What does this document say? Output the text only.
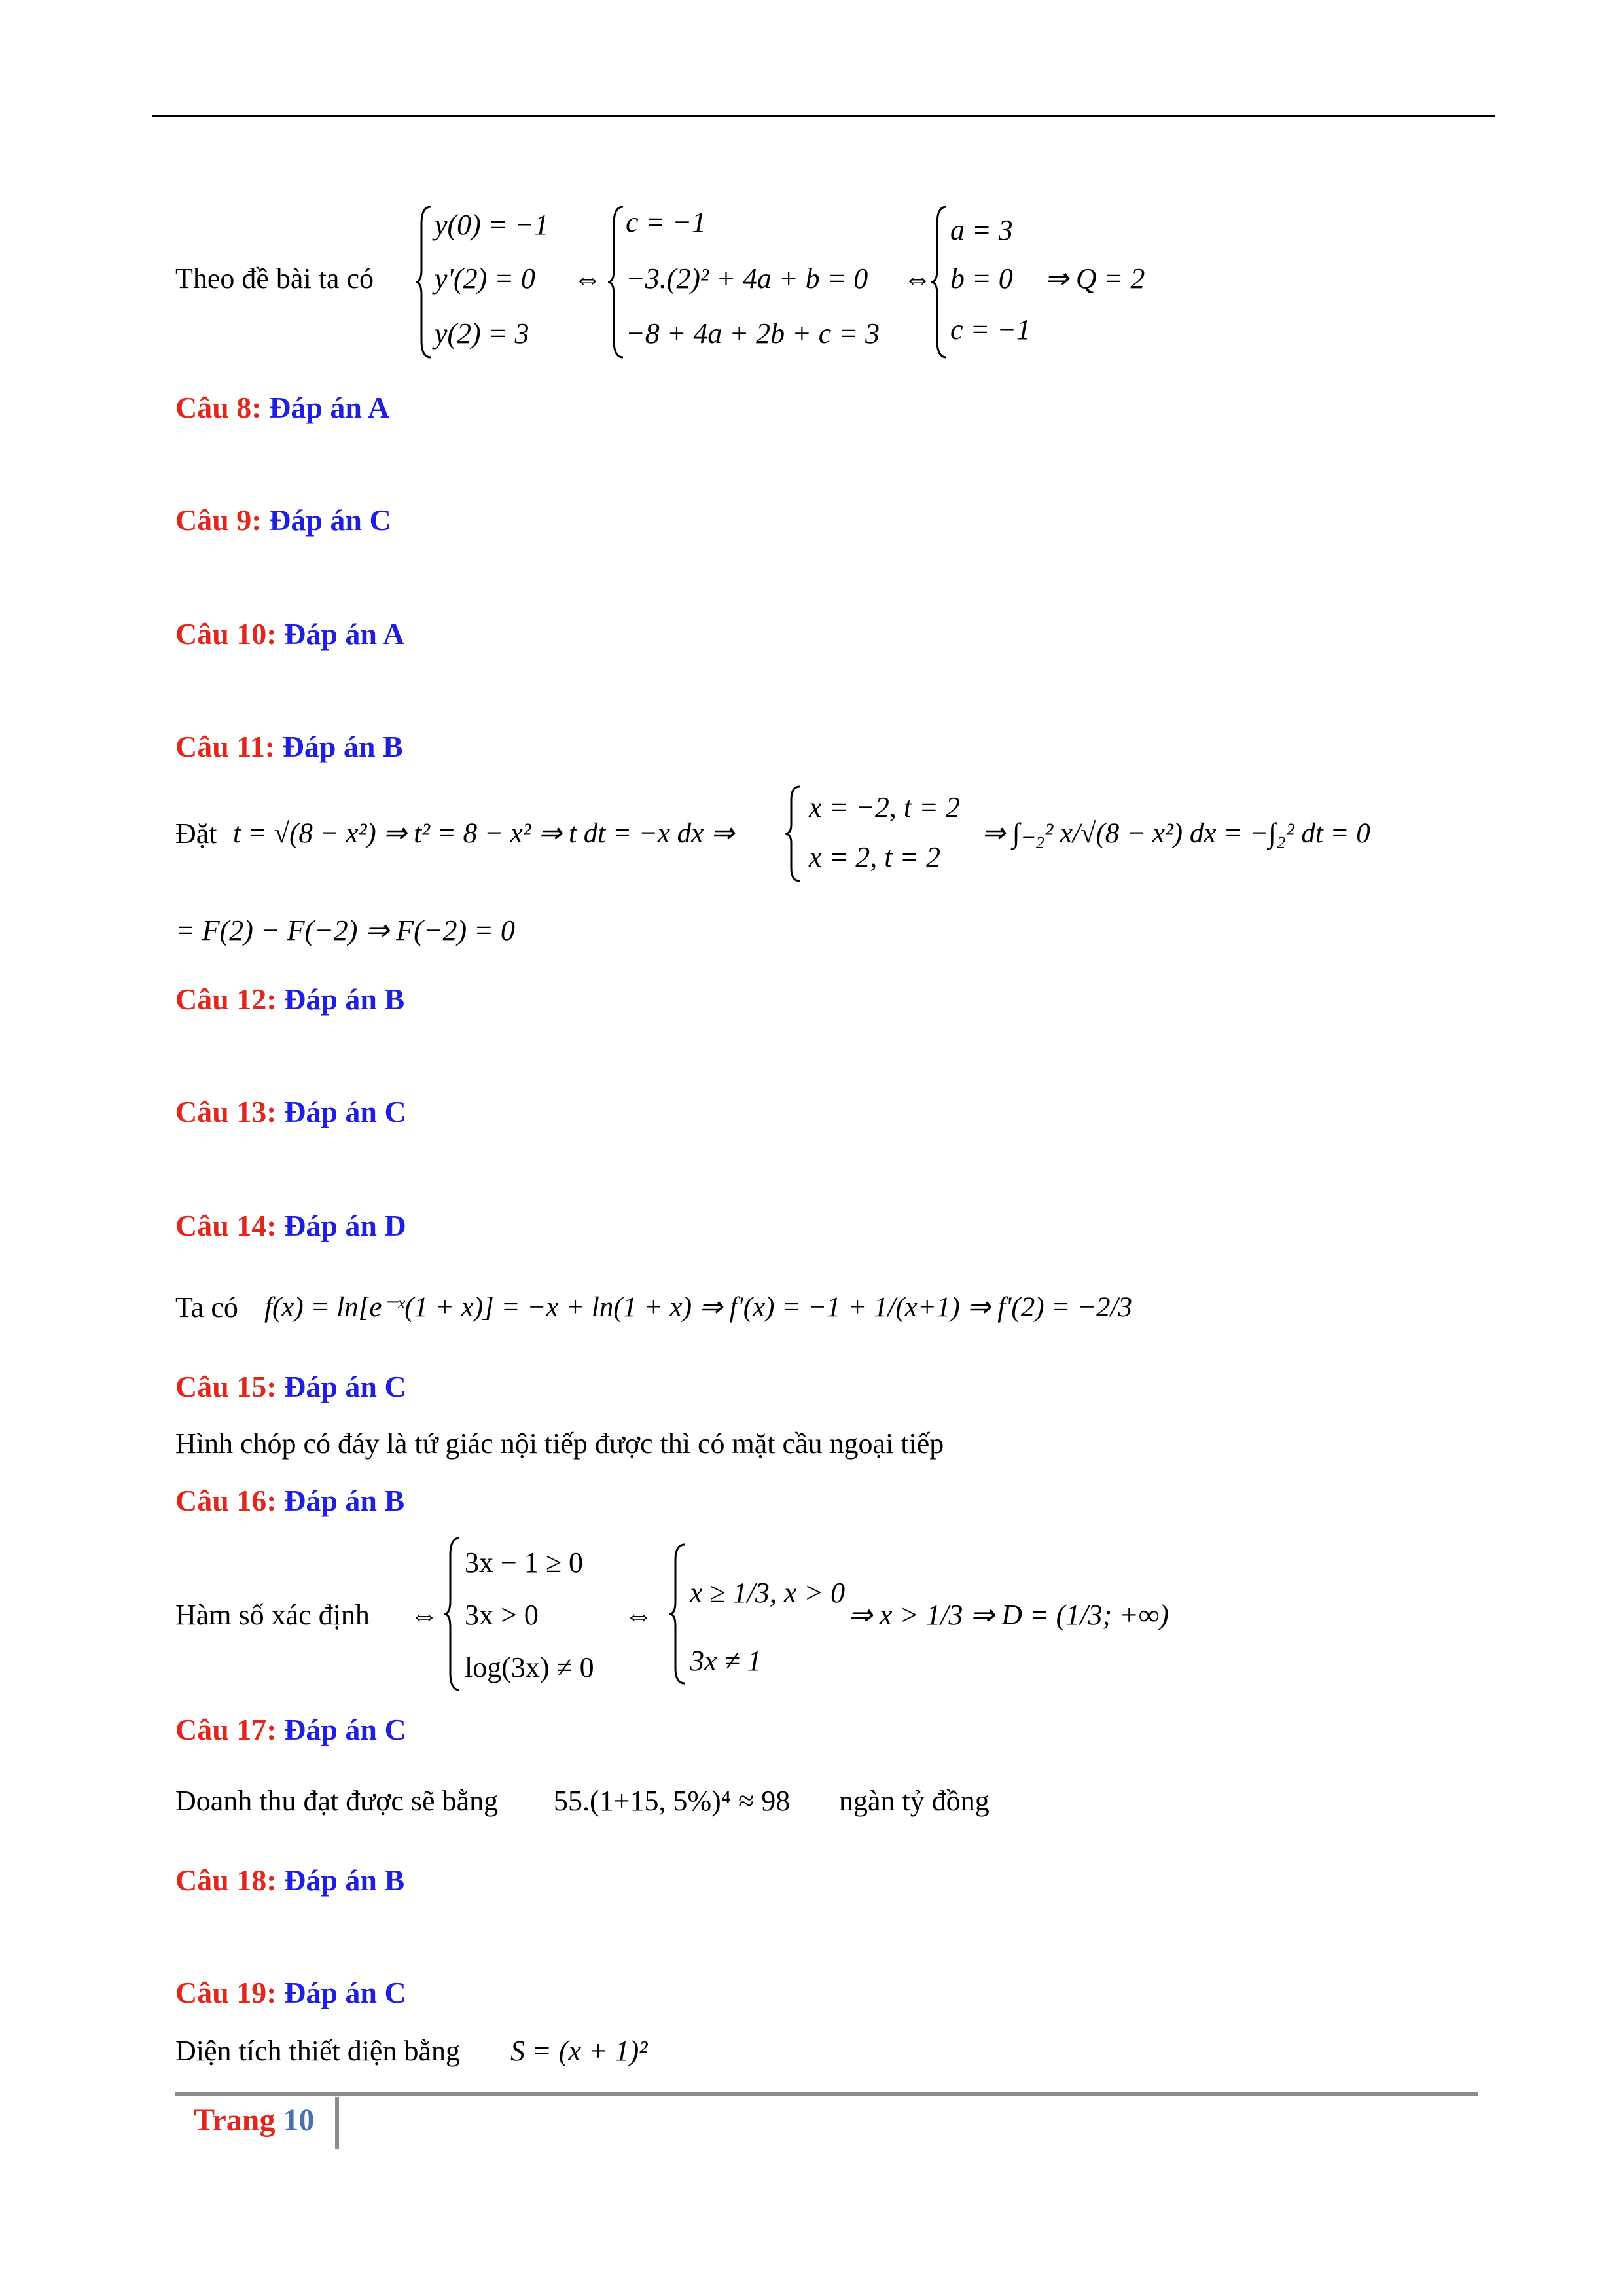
Theo đề bài ta có
y(0) = −1
y'(2) = 0
y(2) = 3
⇔
c = −1
−3.(2)² + 4a + b = 0
−8 + 4a + 2b + c = 3
⇔
a = 3
b = 0
c = −1
⇒ Q = 2
Câu 8: Đáp án A
Câu 9: Đáp án C
Câu 10: Đáp án A
Câu 11: Đáp án B
Đặt t = √(8 − x²) ⇒ t² = 8 − x² ⇒ t dt = −x dx ⇒
x = −2, t = 2
x = 2, t = 2
⇒ ∫₋₂² x/√(8 − x²) dx = −∫₂² dt = 0
= F(2) − F(−2) ⇒ F(−2) = 0
Câu 12: Đáp án B
Câu 13: Đáp án C
Câu 14: Đáp án D
Ta có f(x) = ln[e⁻ˣ(1 + x)] = −x + ln(1 + x) ⇒ f'(x) = −1 + 1/(x+1) ⇒ f'(2) = −2/3
Câu 15: Đáp án C
Hình chóp có đáy là tứ giác nội tiếp được thì có mặt cầu ngoại tiếp
Câu 16: Đáp án B
Hàm số xác định ⇔
3x − 1 ≥ 0
3x > 0
log(3x) ≠ 0
⇔
x ≥ 1/3, x > 0
3x ≠ 1
⇒ x > 1/3 ⇒ D = (1/3; +∞)
Câu 17: Đáp án C
Doanh thu đạt được sẽ bằng 55.(1+15, 5%)⁴ ≈ 98 ngàn tỷ đồng
Câu 18: Đáp án B
Câu 19: Đáp án C
Diện tích thiết diện bằng S = (x + 1)²
Trang 10
